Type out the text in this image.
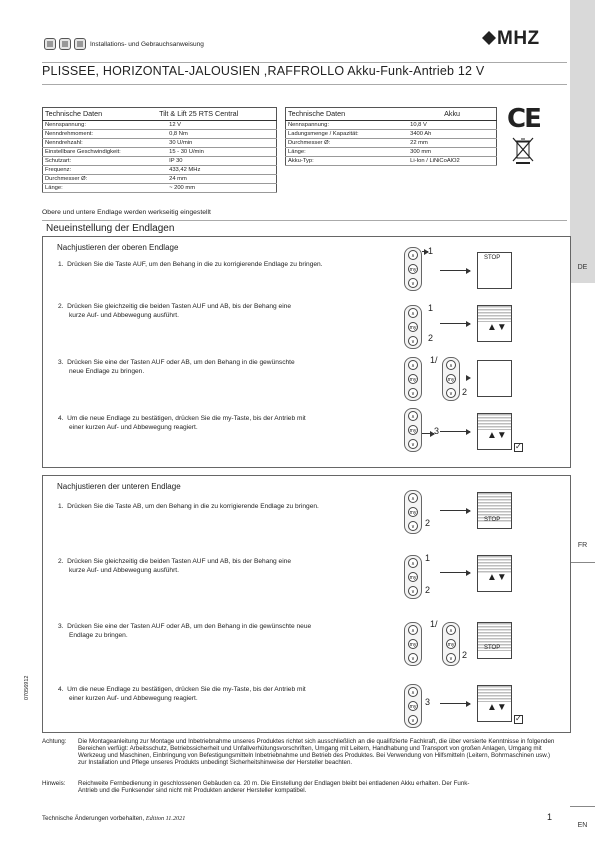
DE
FR
EN
Installations- und Gebrauchsanweisung	MHZ
PLISSEE, HORIZONTAL-JALOUSIEN ,RAFFROLLO Akku-Funk-Antrieb 12 V
Technische Daten	Tilt & Lift 25 RTS Central
Nennspannung:	12 V
Nenndrehmoment:	0,8 Nm
Nenndrehzahl:	30 U/min
Einstellbare Geschwindigkeit:	15 - 30 U/min
Schutzart:	IP 30
Frequenz:	433,42 MHz
Durchmesser Ø:	24 mm
Länge:	~ 200 mm
Technische Daten	Akku
Nennspannung:	10,8 V
Ladungsmenge / Kapazität:	3400 Ah
Durchmesser Ø:	22 mm
Länge:	300 mm
Akku-Typ:	Li-Ion / LiNiCoAlO2
CE
Obere und untere Endlage werden werkseitig eingestellt
Neueinstellung der Endlagen
Nachjustieren der oberen Endlage
1.  Drücken Sie die Taste AUF, um den Behang in die zu korrigierende Endlage zu bringen.
2.  Drücken Sie gleichzeitig die beiden Tasten AUF und AB, bis der Behang eine
kurze Auf- und Abbewegung ausführt.
3.  Drücken Sie eine der Tasten AUF oder AB, um den Behang in die gewünschte
neue Endlage zu bringen.
4.  Um die neue Endlage zu bestätigen, drücken Sie die my-Taste, bis der Antrieb mit
einer kurzen Auf- und Abbewegung reagiert.
Nachjustieren der unteren Endlage
1.  Drücken Sie die Taste AB, um den Behang in die zu korrigierende Endlage zu bringen.
2.  Drücken Sie gleichzeitig die beiden Tasten AUF und AB, bis der Behang eine
kurze Auf- und Abbewegung ausführt.
3.  Drücken Sie eine der Tasten AUF oder AB, um den Behang in die gewünschte neue
Endlage zu bringen.
4.  Um die neue Endlage zu bestätigen, drücken Sie die my-Taste, bis der Antrieb mit
einer kurzen Auf- und Abbewegung reagiert.
∧
my
∨
1
STOP
∧
my
∨
1
2
▲▼
∧
my
∨
∧
my
∨
1/
2
∧
my
∨
3	▲▼
✓
∧
my
∨	2	STOP
∧
my
∨
1
2
▲▼
∧
my
∨
∧
my
∨
1/
2
STOP
∧
my
∨
3	▲▼
✓
07056912
Achtung: Die Montageanleitung zur Montage und Inbetriebnahme unseres Produktes richtet sich ausschließlich an die qualifizierte Fachkraft, die über versierte Kenntnisse in folgenden Bereichen verfügt: Arbeitsschutz, Betriebssicherheit und Unfallverhütungsvorschriften, Umgang mit Leitern, Handhabung und Transport von großen Anlagen, Umgang mit Werkzeug und Maschinen, Einbringung von Befestigungsmitteln Inbetriebnahme und Betrieb des Produktes. Bei Verwendung von Hilfsmitteln (Leitern, Bohrmaschinen usw.) zur Installation und Pflege unseres Produkts unbedingt Sicherheitshinweise der Hersteller beachten.
Hinweis: Reichweite Fernbedienung in geschlossenen Gebäuden ca. 20 m. Die Einstellung der Endlagen bleibt bei entladenen Akku erhalten. Der Funk-Antrieb und die Funksender sind nicht mit Produkten anderer Hersteller kompatibel.
Technische Änderungen vorbehalten, Edition 11.2021	1
